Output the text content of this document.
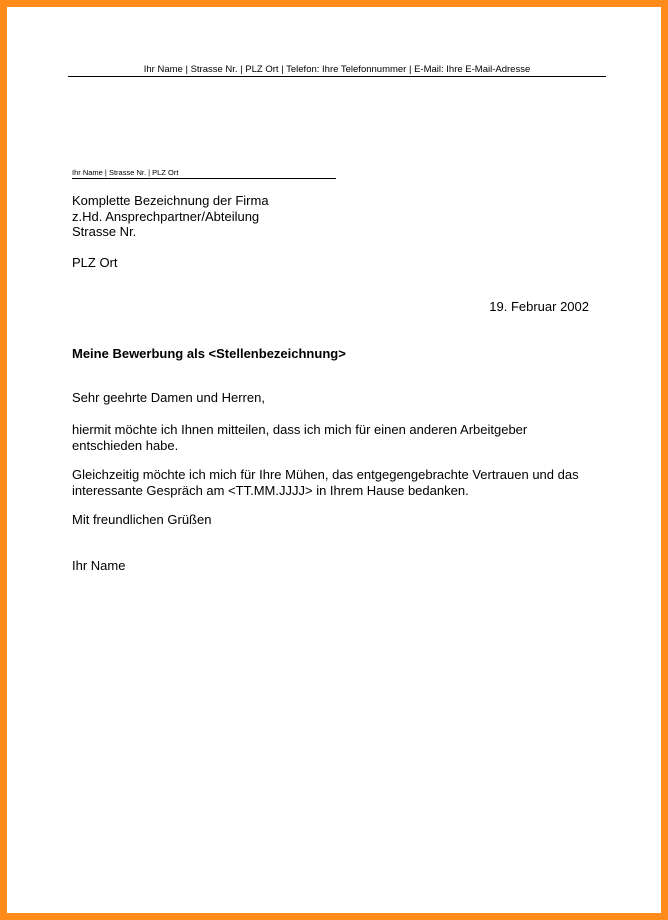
Ihr Name | Strasse Nr. | PLZ Ort | Telefon: Ihre Telefonnummer | E-Mail: Ihre E-Mail-Adresse
Ihr Name | Strasse Nr. | PLZ Ort
Komplette Bezeichnung der Firma
z.Hd. Ansprechpartner/Abteilung
Strasse Nr.
PLZ Ort
19. Februar 2002
Meine Bewerbung als <Stellenbezeichnung>
Sehr geehrte Damen und Herren,
hiermit möchte ich Ihnen mitteilen, dass ich mich für einen anderen Arbeitgeber entschieden habe.
Gleichzeitig möchte ich mich für Ihre Mühen, das entgegengebrachte Vertrauen und das interessante Gespräch am <TT.MM.JJJJ> in Ihrem Hause bedanken.
Mit freundlichen Grüßen
Ihr Name
